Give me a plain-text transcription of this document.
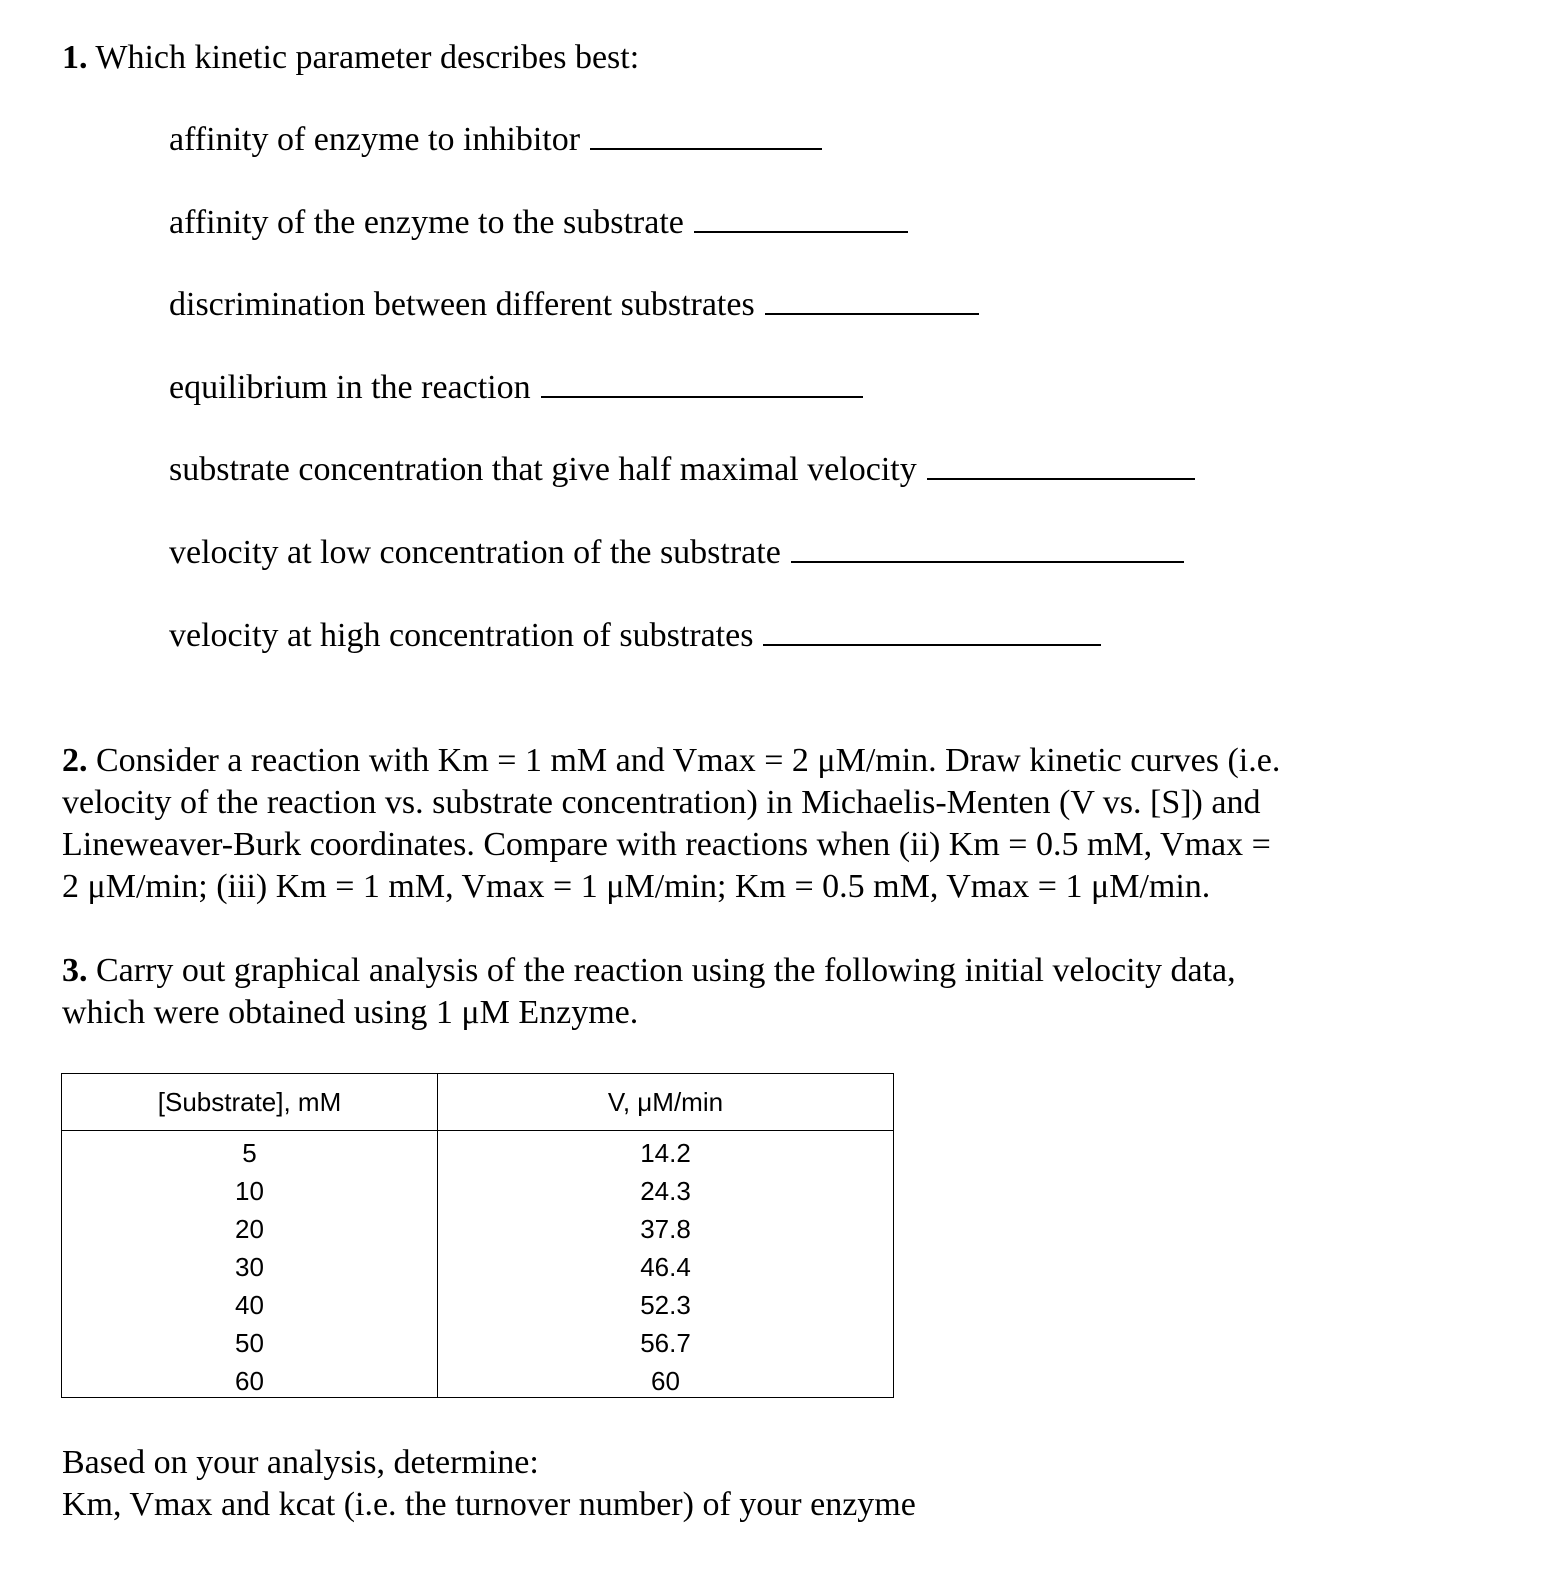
1. Which kinetic parameter describes best:
affinity of enzyme to inhibitor
affinity of the enzyme to the substrate
discrimination between different substrates
equilibrium in the reaction
substrate concentration that give half maximal velocity
velocity at low concentration of the substrate
velocity at high concentration of substrates
2. Consider a reaction with Km = 1 mM and Vmax = 2 μM/min. Draw kinetic curves (i.e.
velocity of the reaction vs. substrate concentration) in Michaelis-Menten (V vs. [S]) and
Lineweaver-Burk coordinates. Compare with reactions when (ii) Km = 0.5 mM, Vmax =
2 μM/min; (iii) Km = 1 mM, Vmax = 1 μM/min; Km = 0.5 mM, Vmax = 1 μM/min.
3. Carry out graphical analysis of the reaction using the following initial velocity data,
which were obtained using 1 μM Enzyme.
[Substrate], mM	V, μM/min
5
10
20
30
40
50
60
14.2
24.3
37.8
46.4
52.3
56.7
60
Based on your analysis, determine:
Km, Vmax and kcat (i.e. the turnover number) of your enzyme
